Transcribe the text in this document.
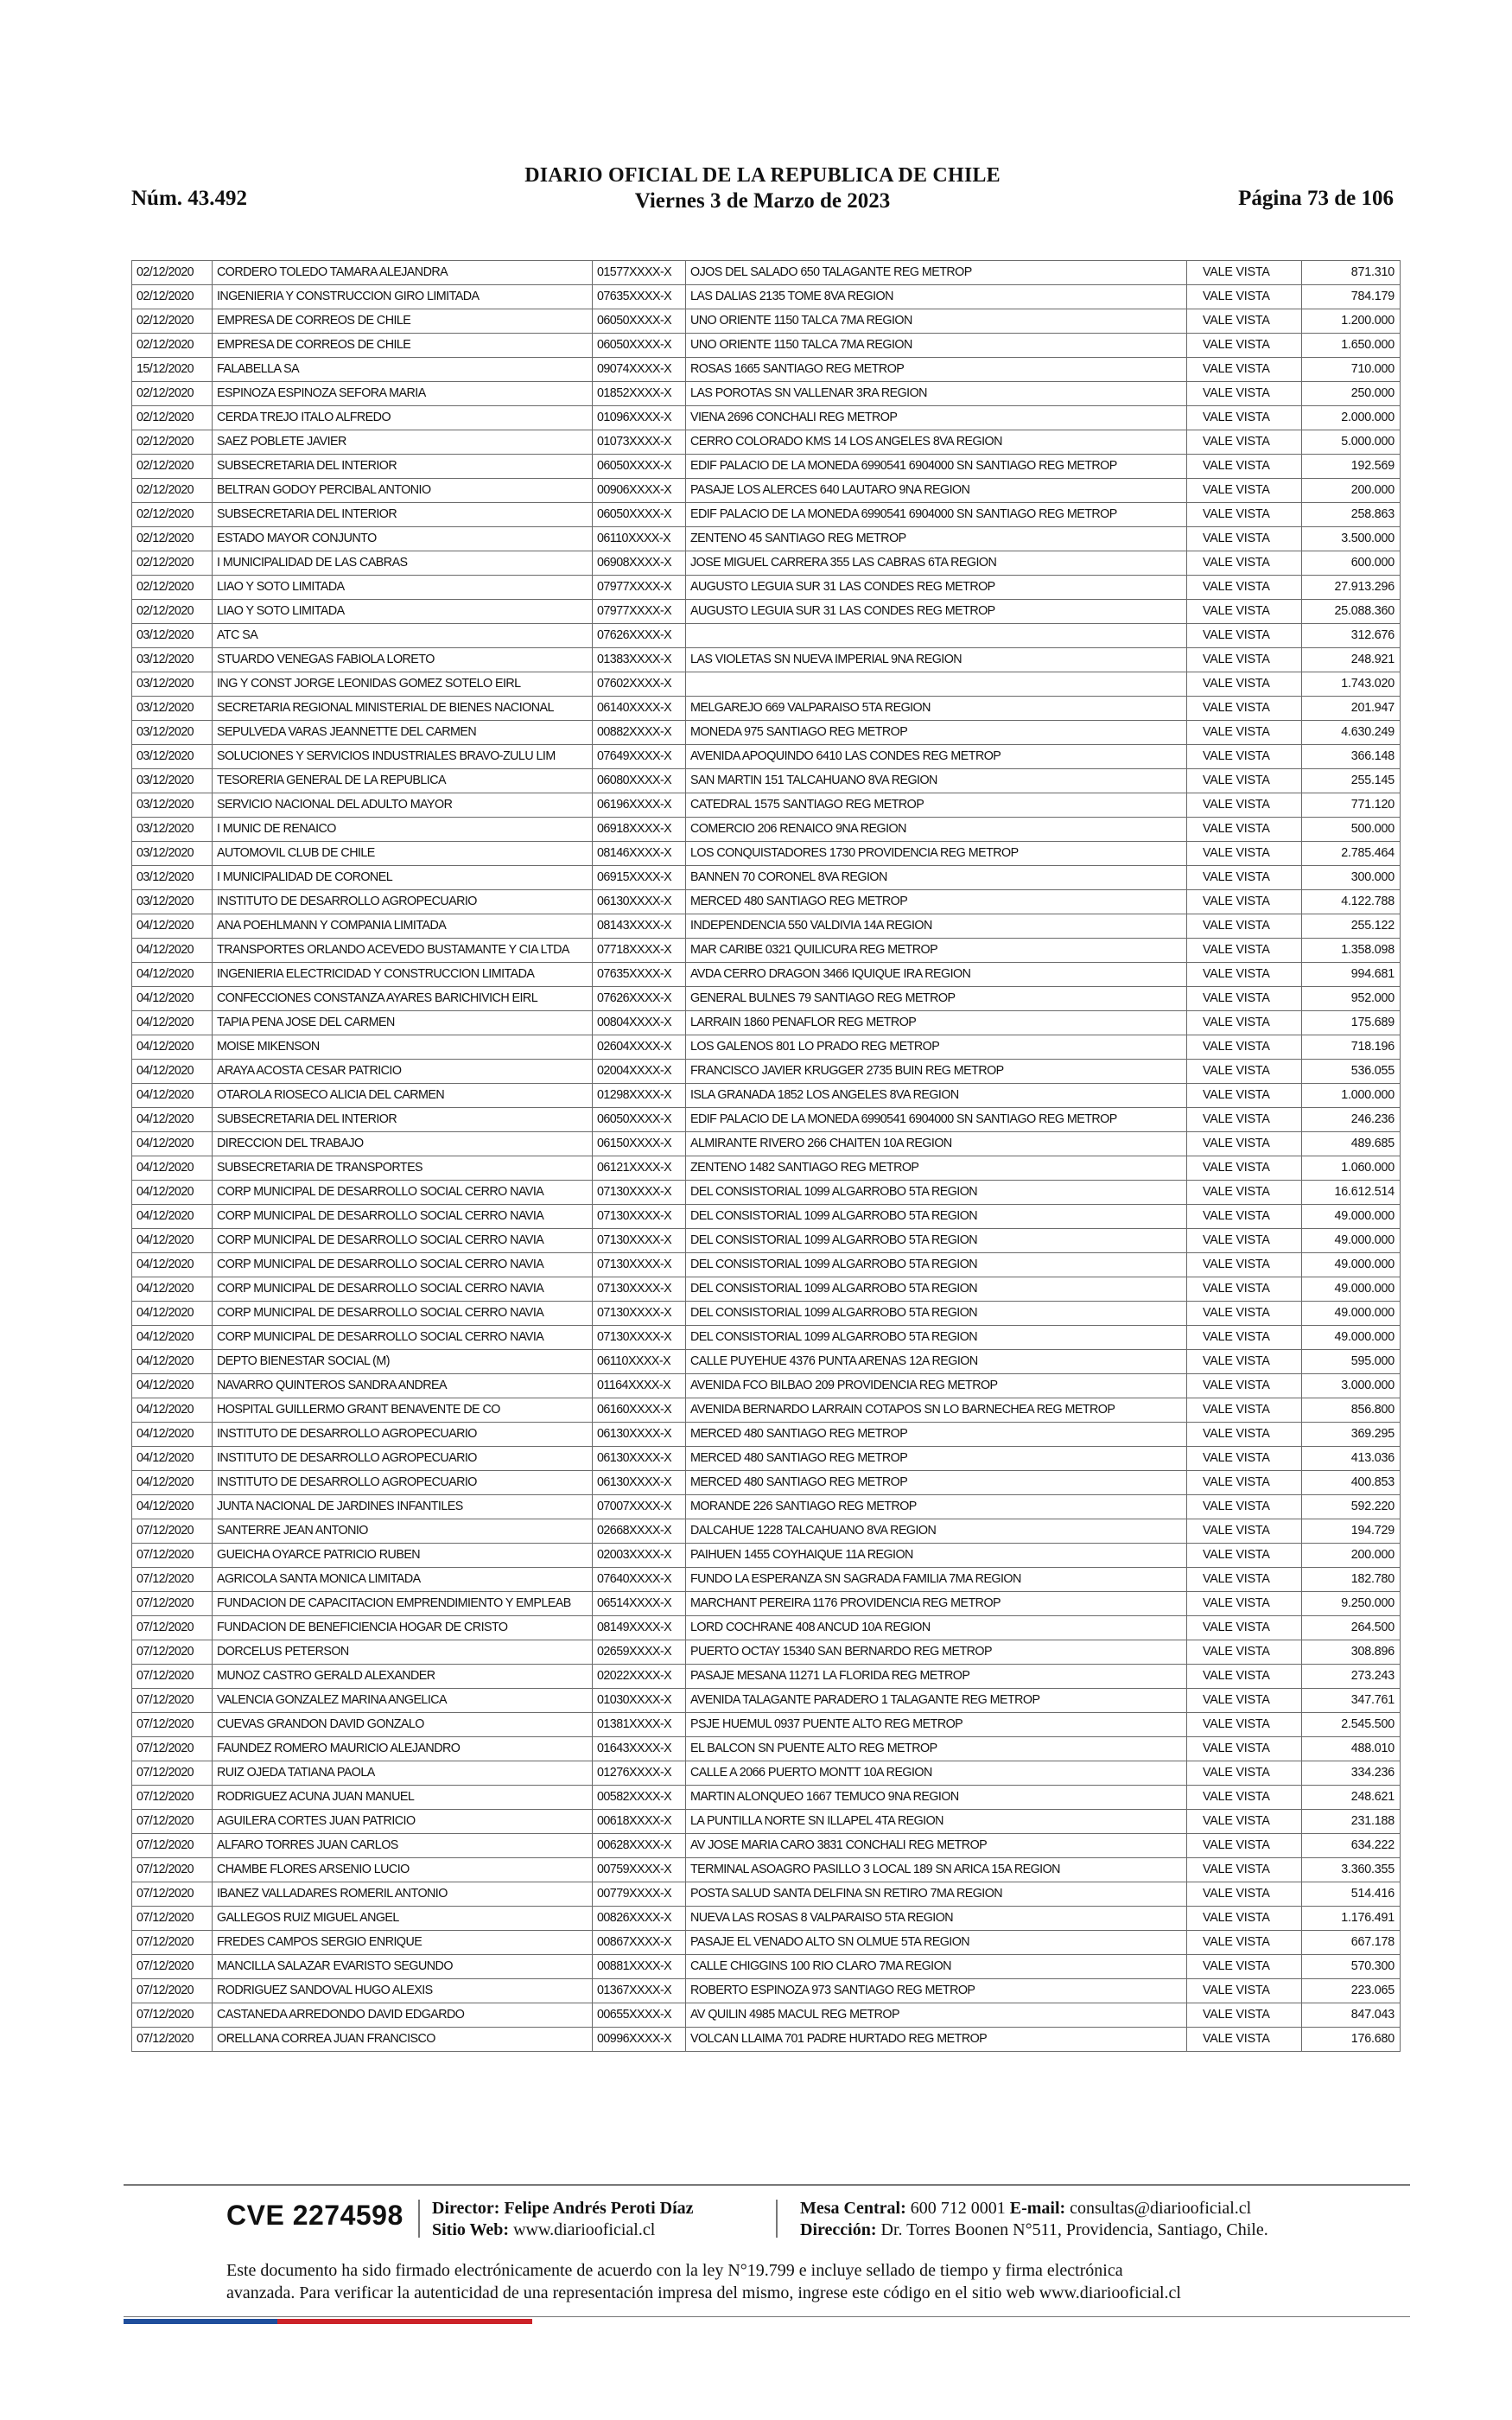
Núm. 43.492
DIARIO OFICIAL DE LA REPUBLICA DE CHILE
Viernes 3 de Marzo de 2023	Página 73 de 106
02/12/2020	CORDERO TOLEDO TAMARA ALEJANDRA	01577XXXX-X	OJOS DEL SALADO 650 TALAGANTE REG METROP	VALE VISTA	871.310
02/12/2020	INGENIERIA Y CONSTRUCCION GIRO LIMITADA	07635XXXX-X	LAS DALIAS 2135 TOME 8VA REGION	VALE VISTA	784.179
02/12/2020	EMPRESA DE CORREOS DE CHILE	06050XXXX-X	UNO ORIENTE 1150 TALCA 7MA REGION	VALE VISTA	1.200.000
02/12/2020	EMPRESA DE CORREOS DE CHILE	06050XXXX-X	UNO ORIENTE 1150 TALCA 7MA REGION	VALE VISTA	1.650.000
15/12/2020	FALABELLA SA	09074XXXX-X	ROSAS 1665 SANTIAGO REG METROP	VALE VISTA	710.000
02/12/2020	ESPINOZA ESPINOZA SEFORA MARIA	01852XXXX-X	LAS POROTAS SN VALLENAR 3RA REGION	VALE VISTA	250.000
02/12/2020	CERDA TREJO ITALO ALFREDO	01096XXXX-X	VIENA 2696 CONCHALI REG METROP	VALE VISTA	2.000.000
02/12/2020	SAEZ POBLETE JAVIER	01073XXXX-X	CERRO COLORADO KMS 14 LOS ANGELES 8VA REGION	VALE VISTA	5.000.000
02/12/2020	SUBSECRETARIA DEL INTERIOR	06050XXXX-X	EDIF PALACIO DE LA MONEDA 6990541 6904000 SN SANTIAGO REG METROP	VALE VISTA	192.569
02/12/2020	BELTRAN GODOY PERCIBAL ANTONIO	00906XXXX-X	PASAJE LOS ALERCES 640 LAUTARO 9NA REGION	VALE VISTA	200.000
02/12/2020	SUBSECRETARIA DEL INTERIOR	06050XXXX-X	EDIF PALACIO DE LA MONEDA 6990541 6904000 SN SANTIAGO REG METROP	VALE VISTA	258.863
02/12/2020	ESTADO MAYOR CONJUNTO	06110XXXX-X	ZENTENO 45 SANTIAGO REG METROP	VALE VISTA	3.500.000
02/12/2020	I MUNICIPALIDAD DE LAS CABRAS	06908XXXX-X	JOSE MIGUEL CARRERA 355 LAS CABRAS 6TA REGION	VALE VISTA	600.000
02/12/2020	LIAO Y SOTO LIMITADA	07977XXXX-X	AUGUSTO LEGUIA SUR 31 LAS CONDES REG METROP	VALE VISTA	27.913.296
02/12/2020	LIAO Y SOTO LIMITADA	07977XXXX-X	AUGUSTO LEGUIA SUR 31 LAS CONDES REG METROP	VALE VISTA	25.088.360
03/12/2020	ATC SA	07626XXXX-X		VALE VISTA	312.676
03/12/2020	STUARDO VENEGAS FABIOLA LORETO	01383XXXX-X	LAS VIOLETAS SN NUEVA IMPERIAL 9NA REGION	VALE VISTA	248.921
03/12/2020	ING Y CONST JORGE LEONIDAS GOMEZ SOTELO EIRL	07602XXXX-X		VALE VISTA	1.743.020
03/12/2020	SECRETARIA REGIONAL MINISTERIAL DE BIENES NACIONAL	06140XXXX-X	MELGAREJO 669 VALPARAISO 5TA REGION	VALE VISTA	201.947
03/12/2020	SEPULVEDA VARAS JEANNETTE DEL CARMEN	00882XXXX-X	MONEDA 975 SANTIAGO REG METROP	VALE VISTA	4.630.249
03/12/2020	SOLUCIONES Y SERVICIOS INDUSTRIALES BRAVO-ZULU LIM	07649XXXX-X	AVENIDA APOQUINDO 6410 LAS CONDES REG METROP	VALE VISTA	366.148
03/12/2020	TESORERIA GENERAL DE LA REPUBLICA	06080XXXX-X	SAN MARTIN 151 TALCAHUANO 8VA REGION	VALE VISTA	255.145
03/12/2020	SERVICIO NACIONAL DEL ADULTO MAYOR	06196XXXX-X	CATEDRAL 1575 SANTIAGO REG METROP	VALE VISTA	771.120
03/12/2020	I MUNIC DE RENAICO	06918XXXX-X	COMERCIO 206 RENAICO 9NA REGION	VALE VISTA	500.000
03/12/2020	AUTOMOVIL CLUB DE CHILE	08146XXXX-X	LOS CONQUISTADORES 1730 PROVIDENCIA REG METROP	VALE VISTA	2.785.464
03/12/2020	I MUNICIPALIDAD DE CORONEL	06915XXXX-X	BANNEN 70 CORONEL 8VA REGION	VALE VISTA	300.000
03/12/2020	INSTITUTO DE DESARROLLO AGROPECUARIO	06130XXXX-X	MERCED 480 SANTIAGO REG METROP	VALE VISTA	4.122.788
04/12/2020	ANA POEHLMANN Y COMPANIA LIMITADA	08143XXXX-X	INDEPENDENCIA 550 VALDIVIA 14A REGION	VALE VISTA	255.122
04/12/2020	TRANSPORTES ORLANDO ACEVEDO BUSTAMANTE Y CIA LTDA	07718XXXX-X	MAR CARIBE 0321 QUILICURA REG METROP	VALE VISTA	1.358.098
04/12/2020	INGENIERIA ELECTRICIDAD Y CONSTRUCCION LIMITADA	07635XXXX-X	AVDA CERRO DRAGON 3466 IQUIQUE IRA REGION	VALE VISTA	994.681
04/12/2020	CONFECCIONES CONSTANZA AYARES BARICHIVICH EIRL	07626XXXX-X	GENERAL BULNES 79 SANTIAGO REG METROP	VALE VISTA	952.000
04/12/2020	TAPIA PENA JOSE DEL CARMEN	00804XXXX-X	LARRAIN 1860 PENAFLOR REG METROP	VALE VISTA	175.689
04/12/2020	MOISE MIKENSON	02604XXXX-X	LOS GALENOS 801 LO PRADO REG METROP	VALE VISTA	718.196
04/12/2020	ARAYA ACOSTA CESAR PATRICIO	02004XXXX-X	FRANCISCO JAVIER KRUGGER 2735 BUIN REG METROP	VALE VISTA	536.055
04/12/2020	OTAROLA RIOSECO ALICIA DEL CARMEN	01298XXXX-X	ISLA GRANADA 1852 LOS ANGELES 8VA REGION	VALE VISTA	1.000.000
04/12/2020	SUBSECRETARIA DEL INTERIOR	06050XXXX-X	EDIF PALACIO DE LA MONEDA 6990541 6904000 SN SANTIAGO REG METROP	VALE VISTA	246.236
04/12/2020	DIRECCION DEL TRABAJO	06150XXXX-X	ALMIRANTE RIVERO 266 CHAITEN 10A REGION	VALE VISTA	489.685
04/12/2020	SUBSECRETARIA DE TRANSPORTES	06121XXXX-X	ZENTENO 1482 SANTIAGO REG METROP	VALE VISTA	1.060.000
04/12/2020	CORP MUNICIPAL DE DESARROLLO SOCIAL CERRO NAVIA	07130XXXX-X	DEL CONSISTORIAL 1099 ALGARROBO 5TA REGION	VALE VISTA	16.612.514
04/12/2020	CORP MUNICIPAL DE DESARROLLO SOCIAL CERRO NAVIA	07130XXXX-X	DEL CONSISTORIAL 1099 ALGARROBO 5TA REGION	VALE VISTA	49.000.000
04/12/2020	CORP MUNICIPAL DE DESARROLLO SOCIAL CERRO NAVIA	07130XXXX-X	DEL CONSISTORIAL 1099 ALGARROBO 5TA REGION	VALE VISTA	49.000.000
04/12/2020	CORP MUNICIPAL DE DESARROLLO SOCIAL CERRO NAVIA	07130XXXX-X	DEL CONSISTORIAL 1099 ALGARROBO 5TA REGION	VALE VISTA	49.000.000
04/12/2020	CORP MUNICIPAL DE DESARROLLO SOCIAL CERRO NAVIA	07130XXXX-X	DEL CONSISTORIAL 1099 ALGARROBO 5TA REGION	VALE VISTA	49.000.000
04/12/2020	CORP MUNICIPAL DE DESARROLLO SOCIAL CERRO NAVIA	07130XXXX-X	DEL CONSISTORIAL 1099 ALGARROBO 5TA REGION	VALE VISTA	49.000.000
04/12/2020	CORP MUNICIPAL DE DESARROLLO SOCIAL CERRO NAVIA	07130XXXX-X	DEL CONSISTORIAL 1099 ALGARROBO 5TA REGION	VALE VISTA	49.000.000
04/12/2020	DEPTO BIENESTAR SOCIAL (M)	06110XXXX-X	CALLE PUYEHUE 4376 PUNTA ARENAS 12A REGION	VALE VISTA	595.000
04/12/2020	NAVARRO QUINTEROS SANDRA ANDREA	01164XXXX-X	AVENIDA FCO BILBAO 209 PROVIDENCIA REG METROP	VALE VISTA	3.000.000
04/12/2020	HOSPITAL GUILLERMO GRANT BENAVENTE DE CO	06160XXXX-X	AVENIDA BERNARDO LARRAIN COTAPOS SN LO BARNECHEA REG METROP	VALE VISTA	856.800
04/12/2020	INSTITUTO DE DESARROLLO AGROPECUARIO	06130XXXX-X	MERCED 480 SANTIAGO REG METROP	VALE VISTA	369.295
04/12/2020	INSTITUTO DE DESARROLLO AGROPECUARIO	06130XXXX-X	MERCED 480 SANTIAGO REG METROP	VALE VISTA	413.036
04/12/2020	INSTITUTO DE DESARROLLO AGROPECUARIO	06130XXXX-X	MERCED 480 SANTIAGO REG METROP	VALE VISTA	400.853
04/12/2020	JUNTA NACIONAL DE JARDINES INFANTILES	07007XXXX-X	MORANDE 226 SANTIAGO REG METROP	VALE VISTA	592.220
07/12/2020	SANTERRE JEAN ANTONIO	02668XXXX-X	DALCAHUE 1228 TALCAHUANO 8VA REGION	VALE VISTA	194.729
07/12/2020	GUEICHA OYARCE PATRICIO RUBEN	02003XXXX-X	PAIHUEN 1455 COYHAIQUE 11A REGION	VALE VISTA	200.000
07/12/2020	AGRICOLA SANTA MONICA LIMITADA	07640XXXX-X	FUNDO LA ESPERANZA SN SAGRADA FAMILIA 7MA REGION	VALE VISTA	182.780
07/12/2020	FUNDACION DE CAPACITACION EMPRENDIMIENTO Y EMPLEAB	06514XXXX-X	MARCHANT PEREIRA 1176 PROVIDENCIA REG METROP	VALE VISTA	9.250.000
07/12/2020	FUNDACION DE BENEFICIENCIA HOGAR DE CRISTO	08149XXXX-X	LORD COCHRANE 408 ANCUD 10A REGION	VALE VISTA	264.500
07/12/2020	DORCELUS PETERSON	02659XXXX-X	PUERTO OCTAY 15340 SAN BERNARDO REG METROP	VALE VISTA	308.896
07/12/2020	MUNOZ CASTRO GERALD ALEXANDER	02022XXXX-X	PASAJE MESANA 11271 LA FLORIDA REG METROP	VALE VISTA	273.243
07/12/2020	VALENCIA GONZALEZ MARINA ANGELICA	01030XXXX-X	AVENIDA TALAGANTE PARADERO 1 TALAGANTE REG METROP	VALE VISTA	347.761
07/12/2020	CUEVAS GRANDON DAVID GONZALO	01381XXXX-X	PSJE HUEMUL 0937 PUENTE ALTO REG METROP	VALE VISTA	2.545.500
07/12/2020	FAUNDEZ ROMERO MAURICIO ALEJANDRO	01643XXXX-X	EL BALCON SN PUENTE ALTO REG METROP	VALE VISTA	488.010
07/12/2020	RUIZ OJEDA TATIANA PAOLA	01276XXXX-X	CALLE A 2066 PUERTO MONTT 10A REGION	VALE VISTA	334.236
07/12/2020	RODRIGUEZ ACUNA JUAN MANUEL	00582XXXX-X	MARTIN ALONQUEO 1667 TEMUCO 9NA REGION	VALE VISTA	248.621
07/12/2020	AGUILERA CORTES JUAN PATRICIO	00618XXXX-X	LA PUNTILLA NORTE SN ILLAPEL 4TA REGION	VALE VISTA	231.188
07/12/2020	ALFARO TORRES JUAN CARLOS	00628XXXX-X	AV JOSE MARIA CARO 3831 CONCHALI REG METROP	VALE VISTA	634.222
07/12/2020	CHAMBE FLORES ARSENIO LUCIO	00759XXXX-X	TERMINAL ASOAGRO PASILLO 3 LOCAL 189 SN ARICA 15A REGION	VALE VISTA	3.360.355
07/12/2020	IBANEZ VALLADARES ROMERIL ANTONIO	00779XXXX-X	POSTA SALUD SANTA DELFINA SN RETIRO 7MA REGION	VALE VISTA	514.416
07/12/2020	GALLEGOS RUIZ MIGUEL ANGEL	00826XXXX-X	NUEVA LAS ROSAS 8 VALPARAISO 5TA REGION	VALE VISTA	1.176.491
07/12/2020	FREDES CAMPOS SERGIO ENRIQUE	00867XXXX-X	PASAJE EL VENADO ALTO SN OLMUE 5TA REGION	VALE VISTA	667.178
07/12/2020	MANCILLA SALAZAR EVARISTO SEGUNDO	00881XXXX-X	CALLE CHIGGINS 100 RIO CLARO 7MA REGION	VALE VISTA	570.300
07/12/2020	RODRIGUEZ SANDOVAL HUGO ALEXIS	01367XXXX-X	ROBERTO ESPINOZA 973 SANTIAGO REG METROP	VALE VISTA	223.065
07/12/2020	CASTANEDA ARREDONDO DAVID EDGARDO	00655XXXX-X	AV QUILIN 4985 MACUL REG METROP	VALE VISTA	847.043
07/12/2020	ORELLANA CORREA JUAN FRANCISCO	00996XXXX-X	VOLCAN LLAIMA 701 PADRE HURTADO REG METROP	VALE VISTA	176.680
CVE 2274598 Director: Felipe Andrés Peroti Díaz
Sitio Web: www.diariooficial.cl
Mesa Central: 600 712 0001 E-mail: consultas@diariooficial.cl
Dirección: Dr. Torres Boonen N°511, Providencia, Santiago, Chile.
Este documento ha sido firmado electrónicamente de acuerdo con la ley N°19.799 e incluye sellado de tiempo y firma electrónica
avanzada. Para verificar la autenticidad de una representación impresa del mismo, ingrese este código en el sitio web www.diariooficial.cl
